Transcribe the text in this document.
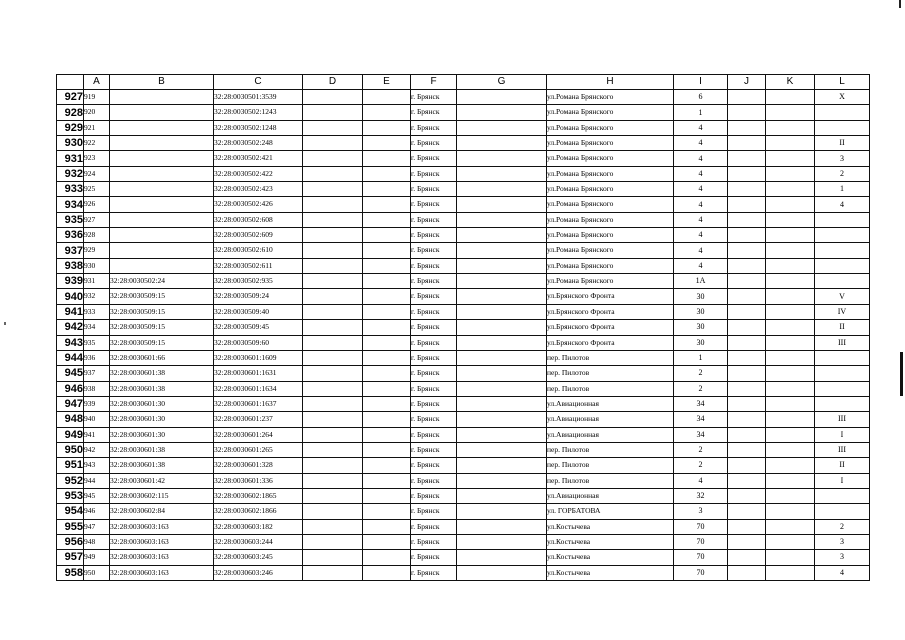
	A	B	C	D	E	F	G	H	I	J	K	L
927	919		32:28:0030501:3539			г. Брянск		ул.Романа Брянского	6			X
928	920		32:28:0030502:1243			г. Брянск		ул.Романа Брянского	1			
929	921		32:28:0030502:1248			г. Брянск		ул.Романа Брянского	4			
930	922		32:28:0030502:248			г. Брянск		ул.Романа Брянского	4			II
931	923		32:28:0030502:421			г. Брянск		ул.Романа Брянского	4			3
932	924		32:28:0030502:422			г. Брянск		ул.Романа Брянского	4			2
933	925		32:28:0030502:423			г. Брянск		ул.Романа Брянского	4			1
934	926		32:28:0030502:426			г. Брянск		ул.Романа Брянского	4			4
935	927		32:28:0030502:608			г. Брянск		ул.Романа Брянского	4			
936	928		32:28:0030502:609			г. Брянск		ул.Романа Брянского	4			
937	929		32:28:0030502:610			г. Брянск		ул.Романа Брянского	4			
938	930		32:28:0030502:611			г. Брянск		ул.Романа Брянского	4			
939	931	32:28:0030502:24	32:28:0030502:935			г. Брянск		ул.Романа Брянского	1А			
940	932	32:28:0030509:15	32:28:0030509:24			г. Брянск		ул.Брянского Фронта	30			V
941	933	32:28:0030509:15	32:28:0030509:40			г. Брянск		ул.Брянского Фронта	30			IV
942	934	32:28:0030509:15	32:28:0030509:45			г. Брянск		ул.Брянского Фронта	30			II
943	935	32:28:0030509:15	32:28:0030509:60			г. Брянск		ул.Брянского Фронта	30			III
944	936	32:28:0030601:66	32:28:0030601:1609			г. Брянск		пер. Пилотов	1			
945	937	32:28:0030601:38	32:28:0030601:1631			г. Брянск		пер. Пилотов	2			
946	938	32:28:0030601:38	32:28:0030601:1634			г. Брянск		пер. Пилотов	2			
947	939	32:28:0030601:30	32:28:0030601:1637			г. Брянск		ул.Авиационная	34			
948	940	32:28:0030601:30	32:28:0030601:237			г. Брянск		ул.Авиационная	34			III
949	941	32:28:0030601:30	32:28:0030601:264			г. Брянск		ул.Авиационная	34			I
950	942	32:28:0030601:38	32:28:0030601:265			г. Брянск		пер. Пилотов	2			III
951	943	32:28:0030601:38	32:28:0030601:328			г. Брянск		пер. Пилотов	2			II
952	944	32:28:0030601:42	32:28:0030601:336			г. Брянск		пер. Пилотов	4			I
953	945	32:28:0030602:115	32:28:0030602:1865			г. Брянск		ул.Авиационная	32			
954	946	32:28:0030602:84	32:28:0030602:1866			г. Брянск		ул. ГОРБАТОВА	3			
955	947	32:28:0030603:163	32:28:0030603:182			г. Брянск		ул.Костычева	70			2
956	948	32:28:0030603:163	32:28:0030603:244			г. Брянск		ул.Костычева	70			3
957	949	32:28:0030603:163	32:28:0030603:245			г. Брянск		ул.Костычева	70			3
958	950	32:28:0030603:163	32:28:0030603:246			г. Брянск		ул.Костычева	70			4
